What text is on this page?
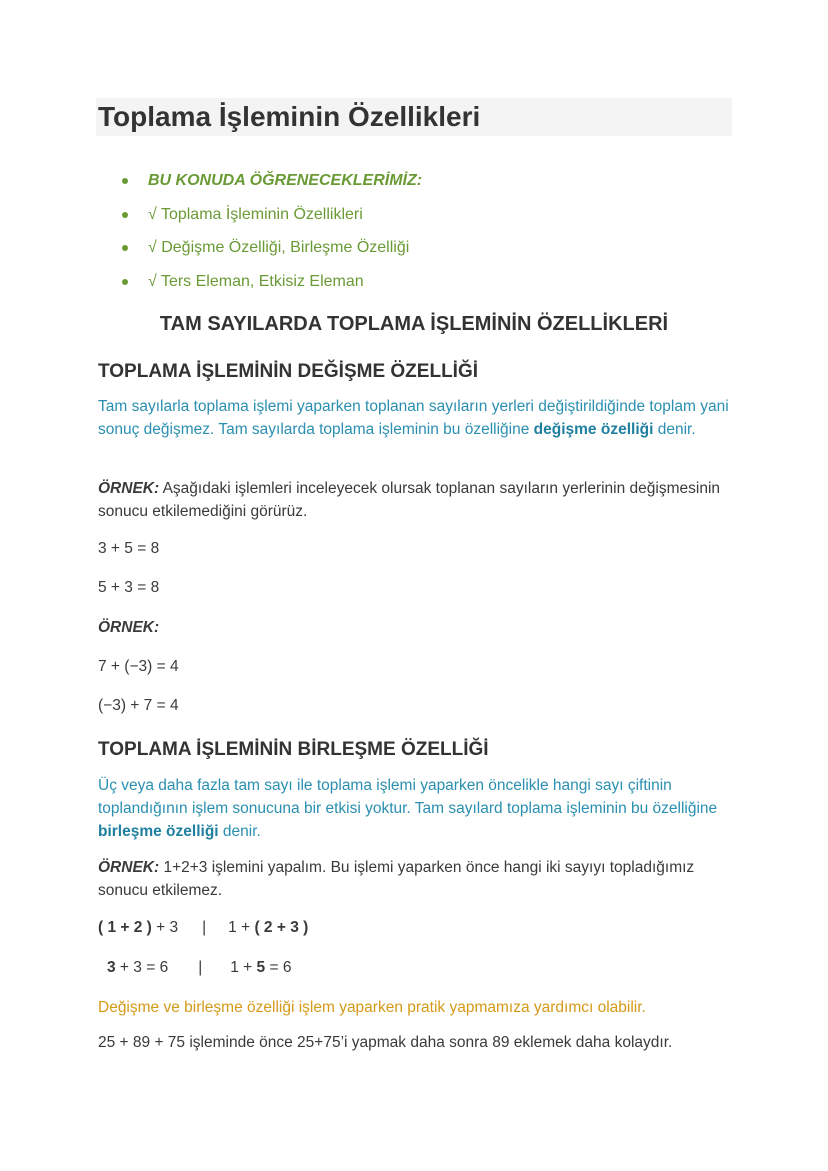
Toplama İşleminin Özellikleri
BU KONUDA ÖĞRENECEKLERİMİZ:
√ Toplama İşleminin Özellikleri
√ Değişme Özelliği, Birleşme Özelliği
√ Ters Eleman, Etkisiz Eleman
TAM SAYILARDA TOPLAMA İŞLEMİNİN ÖZELLİKLERİ
TOPLAMA İŞLEMİNİN DEĞİŞME ÖZELLİĞİ

Tam sayılarla toplama işlemi yaparken toplanan sayıların yerleri değiştirildiğinde toplam yani sonuç değişmez. Tam sayılarda toplama işleminin bu özelliğine değişme özelliği denir.

ÖRNEK: Aşağıdaki işlemleri inceleyecek olursak toplanan sayıların yerlerinin değişmesinin sonucu etkilemediğini görürüz.

3 + 5 = 8

5 + 3 = 8

ÖRNEK:

7 + (−3) = 4

(−3) + 7 = 4

TOPLAMA İŞLEMİNİN BİRLEŞME ÖZELLİĞİ

Üç veya daha fazla tam sayı ile toplama işlemi yaparken öncelikle hangi sayı çiftinin toplandığının işlem sonucuna bir etkisi yoktur. Tam sayılard toplama işleminin bu özelliğine birleşme özelliği denir.

ÖRNEK: 1+2+3 işlemini yapalım. Bu işlemi yaparken önce hangi iki sayıyı topladığımız sonucu etkilemez.

( 1 + 2 ) + 3 | 1 + ( 2 + 3 )
3 + 3 = 6 | 1 + 5 = 6

Değişme ve birleşme özelliği işlem yaparken pratik yapmamıza yardımcı olabilir.

25 + 89 + 75 işleminde önce 25+75’i yapmak daha sonra 89 eklemek daha kolaydır.
